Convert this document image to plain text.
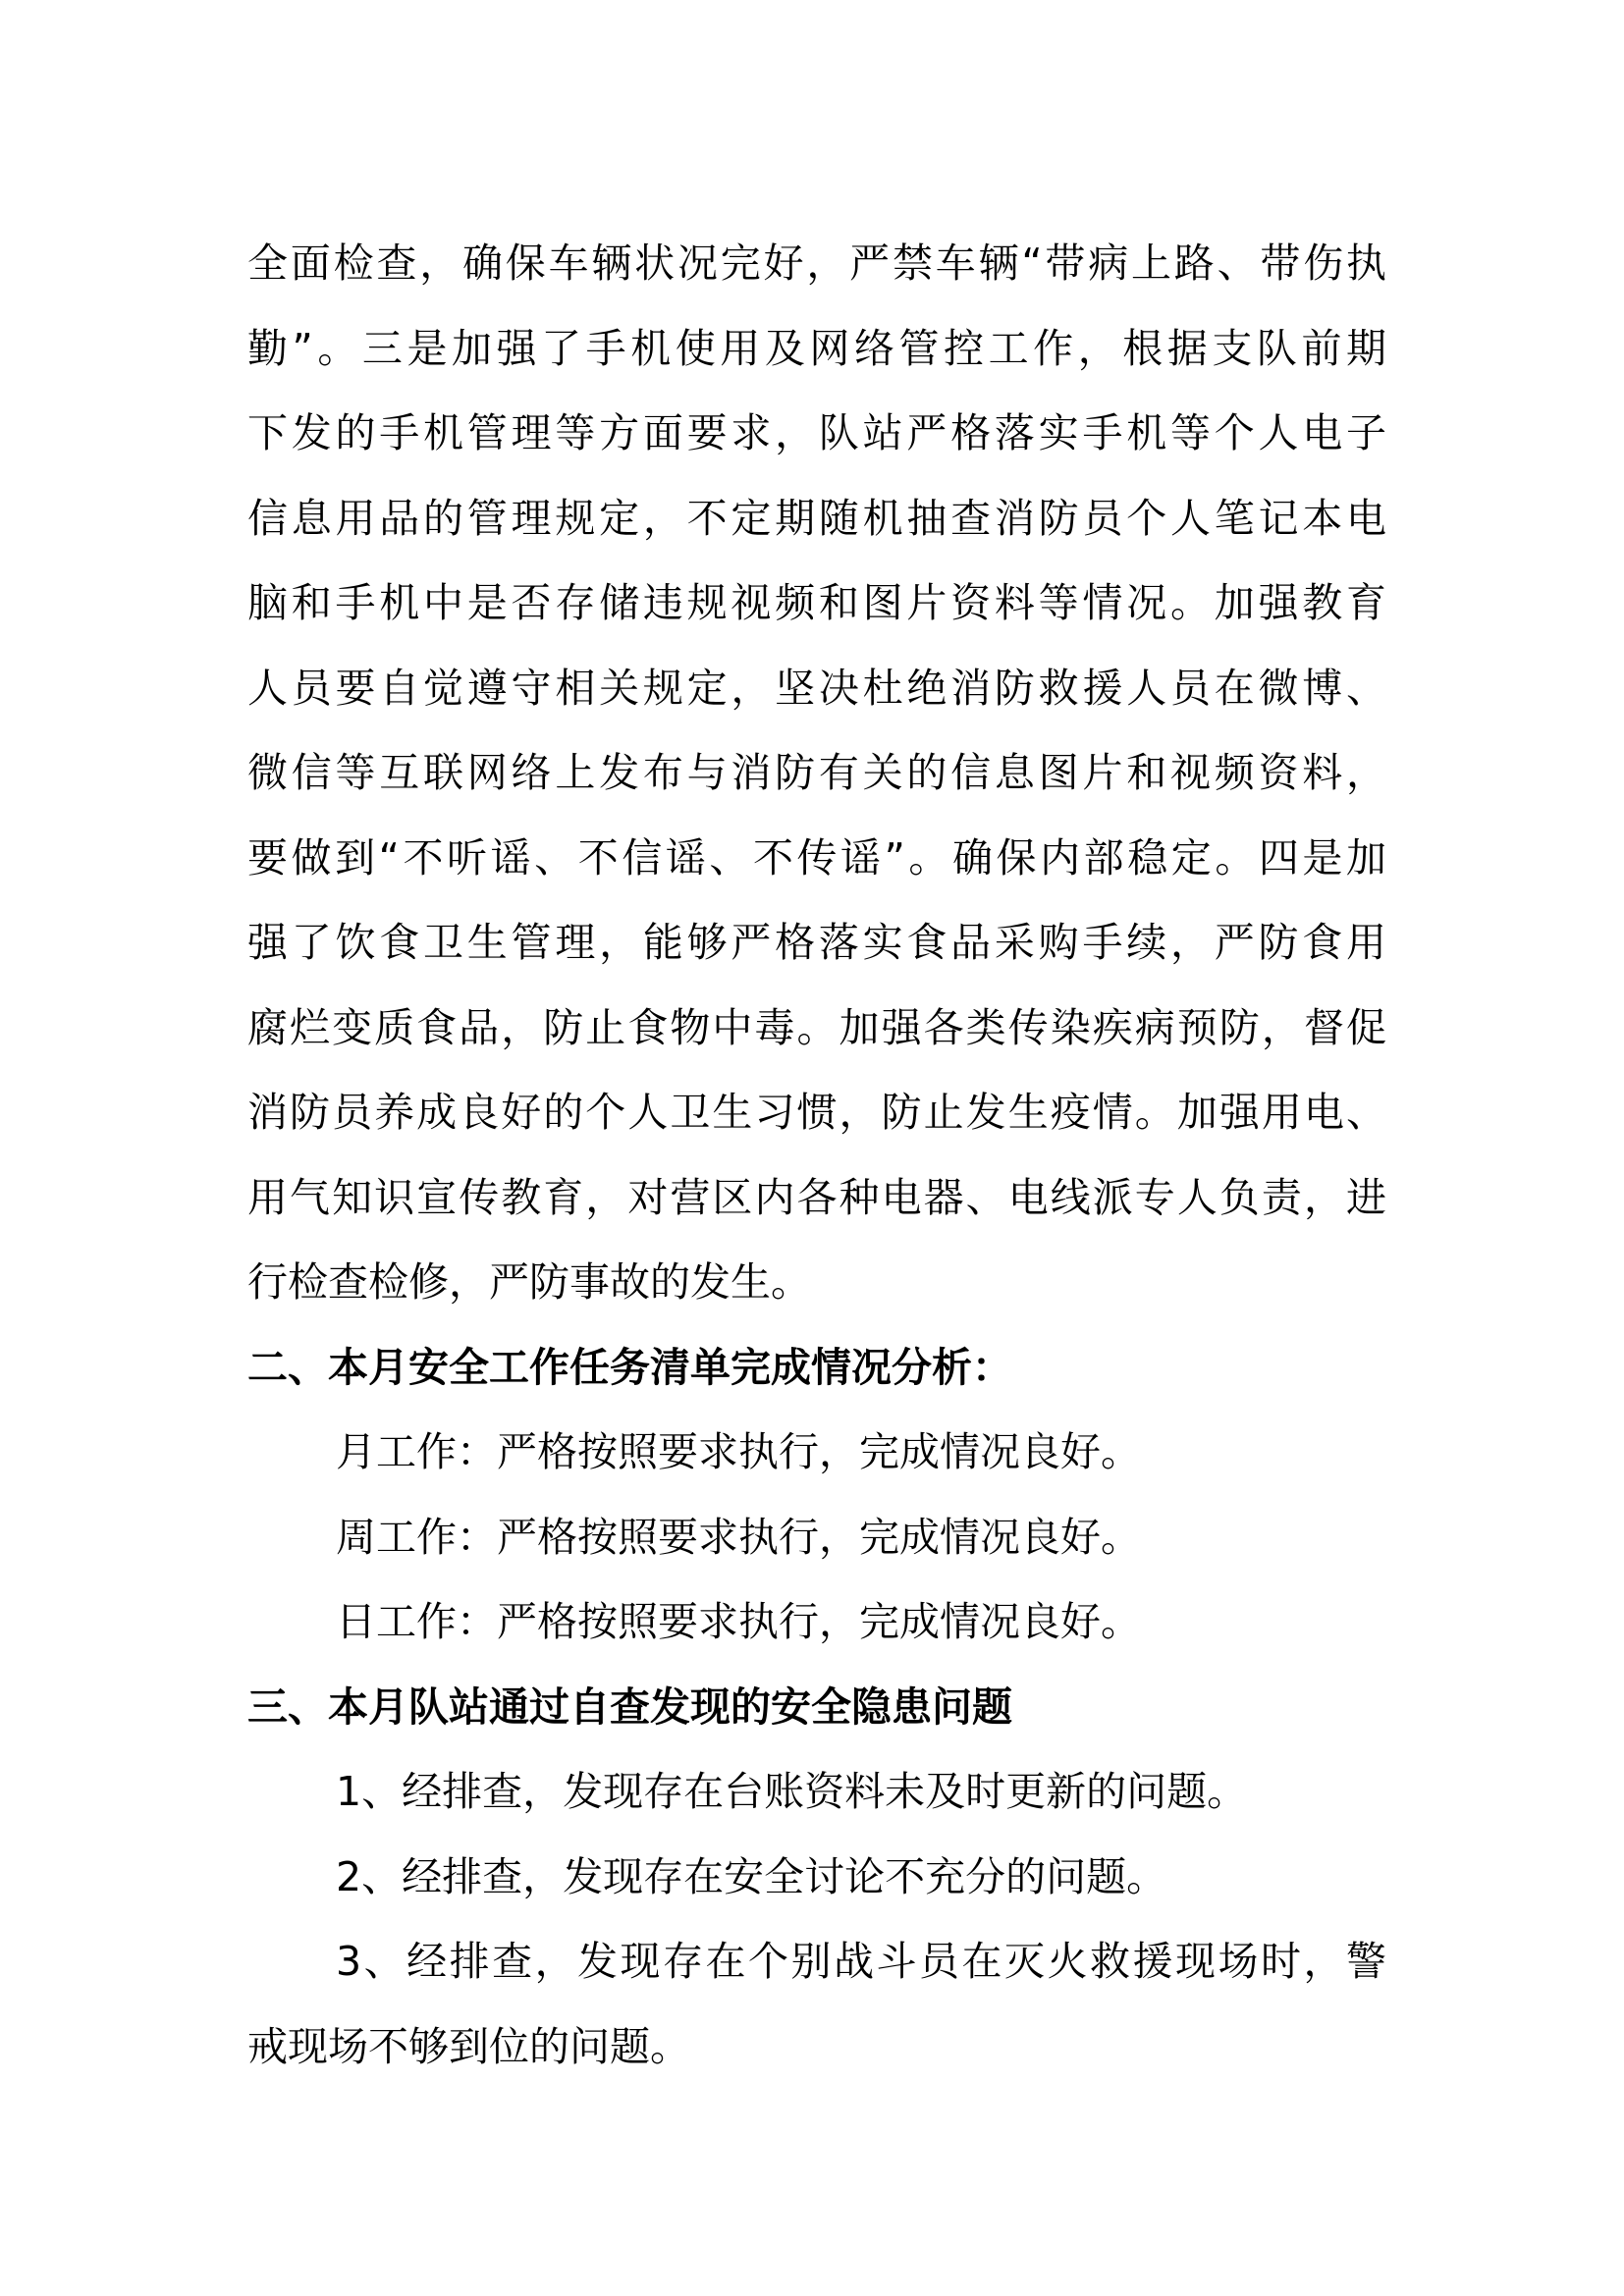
全面检查，确保车辆状况完好，严禁车辆“带病上路、带伤执
勤”。三是加强了手机使用及网络管控工作，根据支队前期
下发的手机管理等方面要求，队站严格落实手机等个人电子
信息用品的管理规定，不定期随机抽查消防员个人笔记本电
脑和手机中是否存储违规视频和图片资料等情况。加强教育
人员要自觉遵守相关规定，坚决杜绝消防救援人员在微博、
微信等互联网络上发布与消防有关的信息图片和视频资料，
要做到“不听谣、不信谣、不传谣”。确保内部稳定。四是加
强了饮食卫生管理，能够严格落实食品采购手续，严防食用
腐烂变质食品，防止食物中毒。加强各类传染疾病预防，督促
消防员养成良好的个人卫生习惯，防止发生疫情。加强用电、
用气知识宣传教育，对营区内各种电器、电线派专人负责，进
行检查检修，严防事故的发生。
二、本月安全工作任务清单完成情况分析：
月工作：严格按照要求执行，完成情况良好。
周工作：严格按照要求执行，完成情况良好。
日工作：严格按照要求执行，完成情况良好。
三、本月队站通过自查发现的安全隐患问题
1、经排查，发现存在台账资料未及时更新的问题。
2、经排查，发现存在安全讨论不充分的问题。
3、经排查，发现存在个别战斗员在灭火救援现场时，警
戒现场不够到位的问题。
